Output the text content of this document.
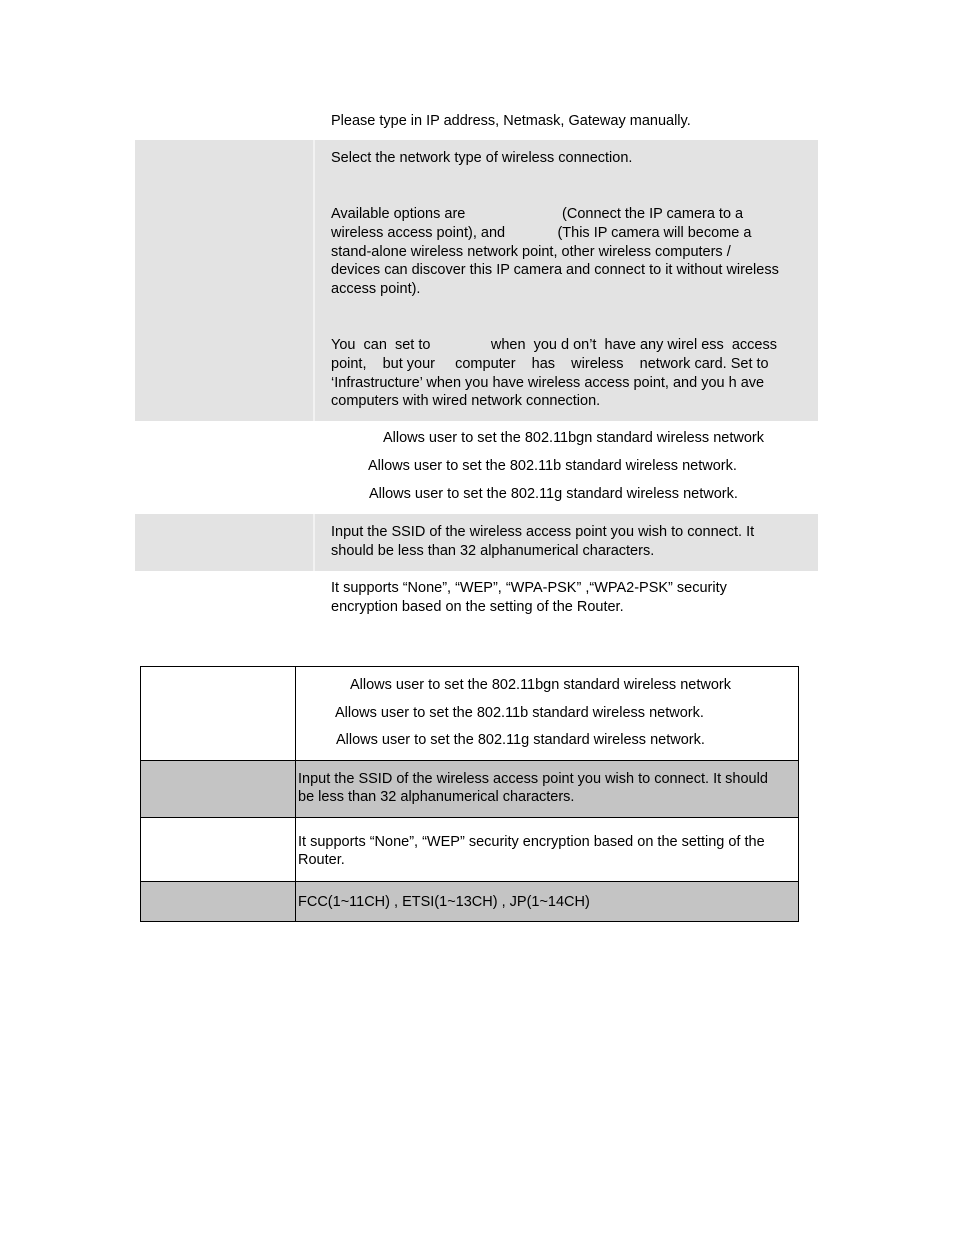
Please type in IP address, Netmask, Gateway manually.
Select the network type of wireless connection.
Available options are                        (Connect the IP camera to a
wireless access point), and             (This IP camera will become a
stand-alone wireless network point, other wireless computers /
devices can discover this IP camera and connect to it without wireless
access point).
You  can  set to               when  you d on’t  have any wirel ess  access
point,    but your     computer    has    wireless    network card. Set to
‘Infrastructure’ when you have wireless access point, and you h ave
computers with wired network connection.
Allows user to set the 802.11bgn standard wireless network
Allows user to set the 802.11b standard wireless network.
Allows user to set the 802.11g standard wireless network.
Input the SSID of the wireless access point you wish to connect. It
should be less than 32 alphanumerical characters.
It supports “None”, “WEP”, “WPA-PSK” ,“WPA2-PSK” security
encryption based on the setting of the Router.
Allows user to set the 802.11bgn standard wireless network
Allows user to set the 802.11b standard wireless network.
Allows user to set the 802.11g standard wireless network.
Input the SSID of the wireless access point you wish to connect. It should
be less than 32 alphanumerical characters.
It supports “None”, “WEP” security encryption based on the setting of the
Router.
FCC(1~11CH) , ETSI(1~13CH) , JP(1~14CH)
